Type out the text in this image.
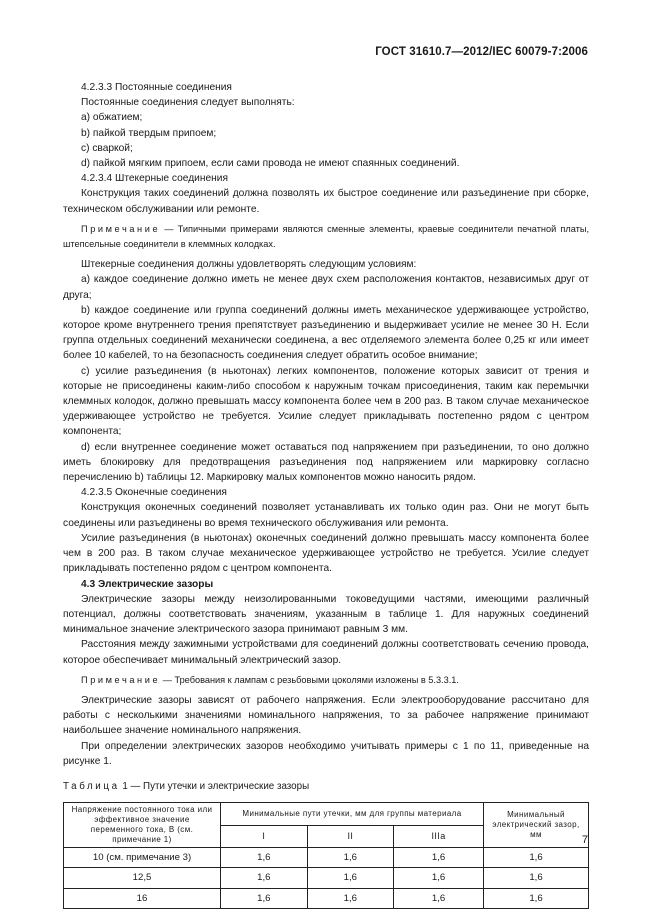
ГОСТ 31610.7—2012/IEC 60079-7:2006

4.2.3.3 Постоянные соединения

Постоянные соединения следует выполнять:

a) обжатием;

b) пайкой твердым припоем;

c) сваркой;

d) пайкой мягким припоем, если сами провода не имеют спаянных соединений.

4.2.3.4 Штекерные соединения

Конструкция таких соединений должна позволять их быстрое соединение или разъединение при сборке, техническом обслуживании или ремонте.

Примечание — Типичными примерами являются сменные элементы, краевые соединители печатной платы, штепсельные соединители в клеммных колодках.

Штекерные соединения должны удовлетворять следующим условиям:

a) каждое соединение должно иметь не менее двух схем расположения контактов, независимых друг от друга;

b) каждое соединение или группа соединений должны иметь механическое удерживающее устройство, которое кроме внутреннего трения препятствует разъединению и выдерживает усилие не менее 30 Н. Если группа отдельных соединений механически соединена, а вес отделяемого элемента более 0,25 кг или имеет более 10 кабелей, то на безопасность соединения следует обратить особое внимание;

c) усилие разъединения (в ньютонах) легких компонентов, положение которых зависит от трения и которые не присоединены каким-либо способом к наружным точкам присоединения, таким как перемычки клеммных колодок, должно превышать массу компонента более чем в 200 раз. В таком случае механическое удерживающее устройство не требуется. Усилие следует прикладывать постепенно рядом с центром компонента;

d) если внутреннее соединение может оставаться под напряжением при разъединении, то оно должно иметь блокировку для предотвращения разъединения под напряжением или маркировку согласно перечислению b) таблицы 12. Маркировку малых компонентов можно наносить рядом.

4.2.3.5 Оконечные соединения

Конструкция оконечных соединений позволяет устанавливать их только один раз. Они не могут быть соединены или разъединены во время технического обслуживания или ремонта.

Усилие разъединения (в ньютонах) оконечных соединений должно превышать массу компонента более чем в 200 раз. В таком случае механическое удерживающее устройство не требуется. Усилие следует прикладывать постепенно рядом с центром компонента.

4.3 Электрические зазоры

Электрические зазоры между неизолированными токоведущими частями, имеющими различный потенциал, должны соответствовать значениям, указанным в таблице 1. Для наружных соединений минимальное значение электрического зазора принимают равным 3 мм.

Расстояния между зажимными устройствами для соединений должны соответствовать сечению провода, которое обеспечивает минимальный электрический зазор.

Примечание — Требования к лампам с резьбовыми цоколями изложены в 5.3.3.1.

Электрические зазоры зависят от рабочего напряжения. Если электрооборудование рассчитано для работы с несколькими значениями номинального напряжения, то за рабочее напряжение принимают наибольшее значение номинального напряжения.

При определении электрических зазоров необходимо учитывать примеры с 1 по 11, приведенные на рисунке 1.

Таблица 1 — Пути утечки и электрические зазоры
Напряжение постоянного тока или эффективное значение переменного тока, В (см. примечание 1)	Минимальные пути утечки, мм для группы материала			Минимальный электрический зазор, мм
	I	II	IIIa	
10 (см. примечание 3)	1,6	1,6	1,6	1,6
12,5	1,6	1,6	1,6	1,6
16	1,6	1,6	1,6	1,6
7
